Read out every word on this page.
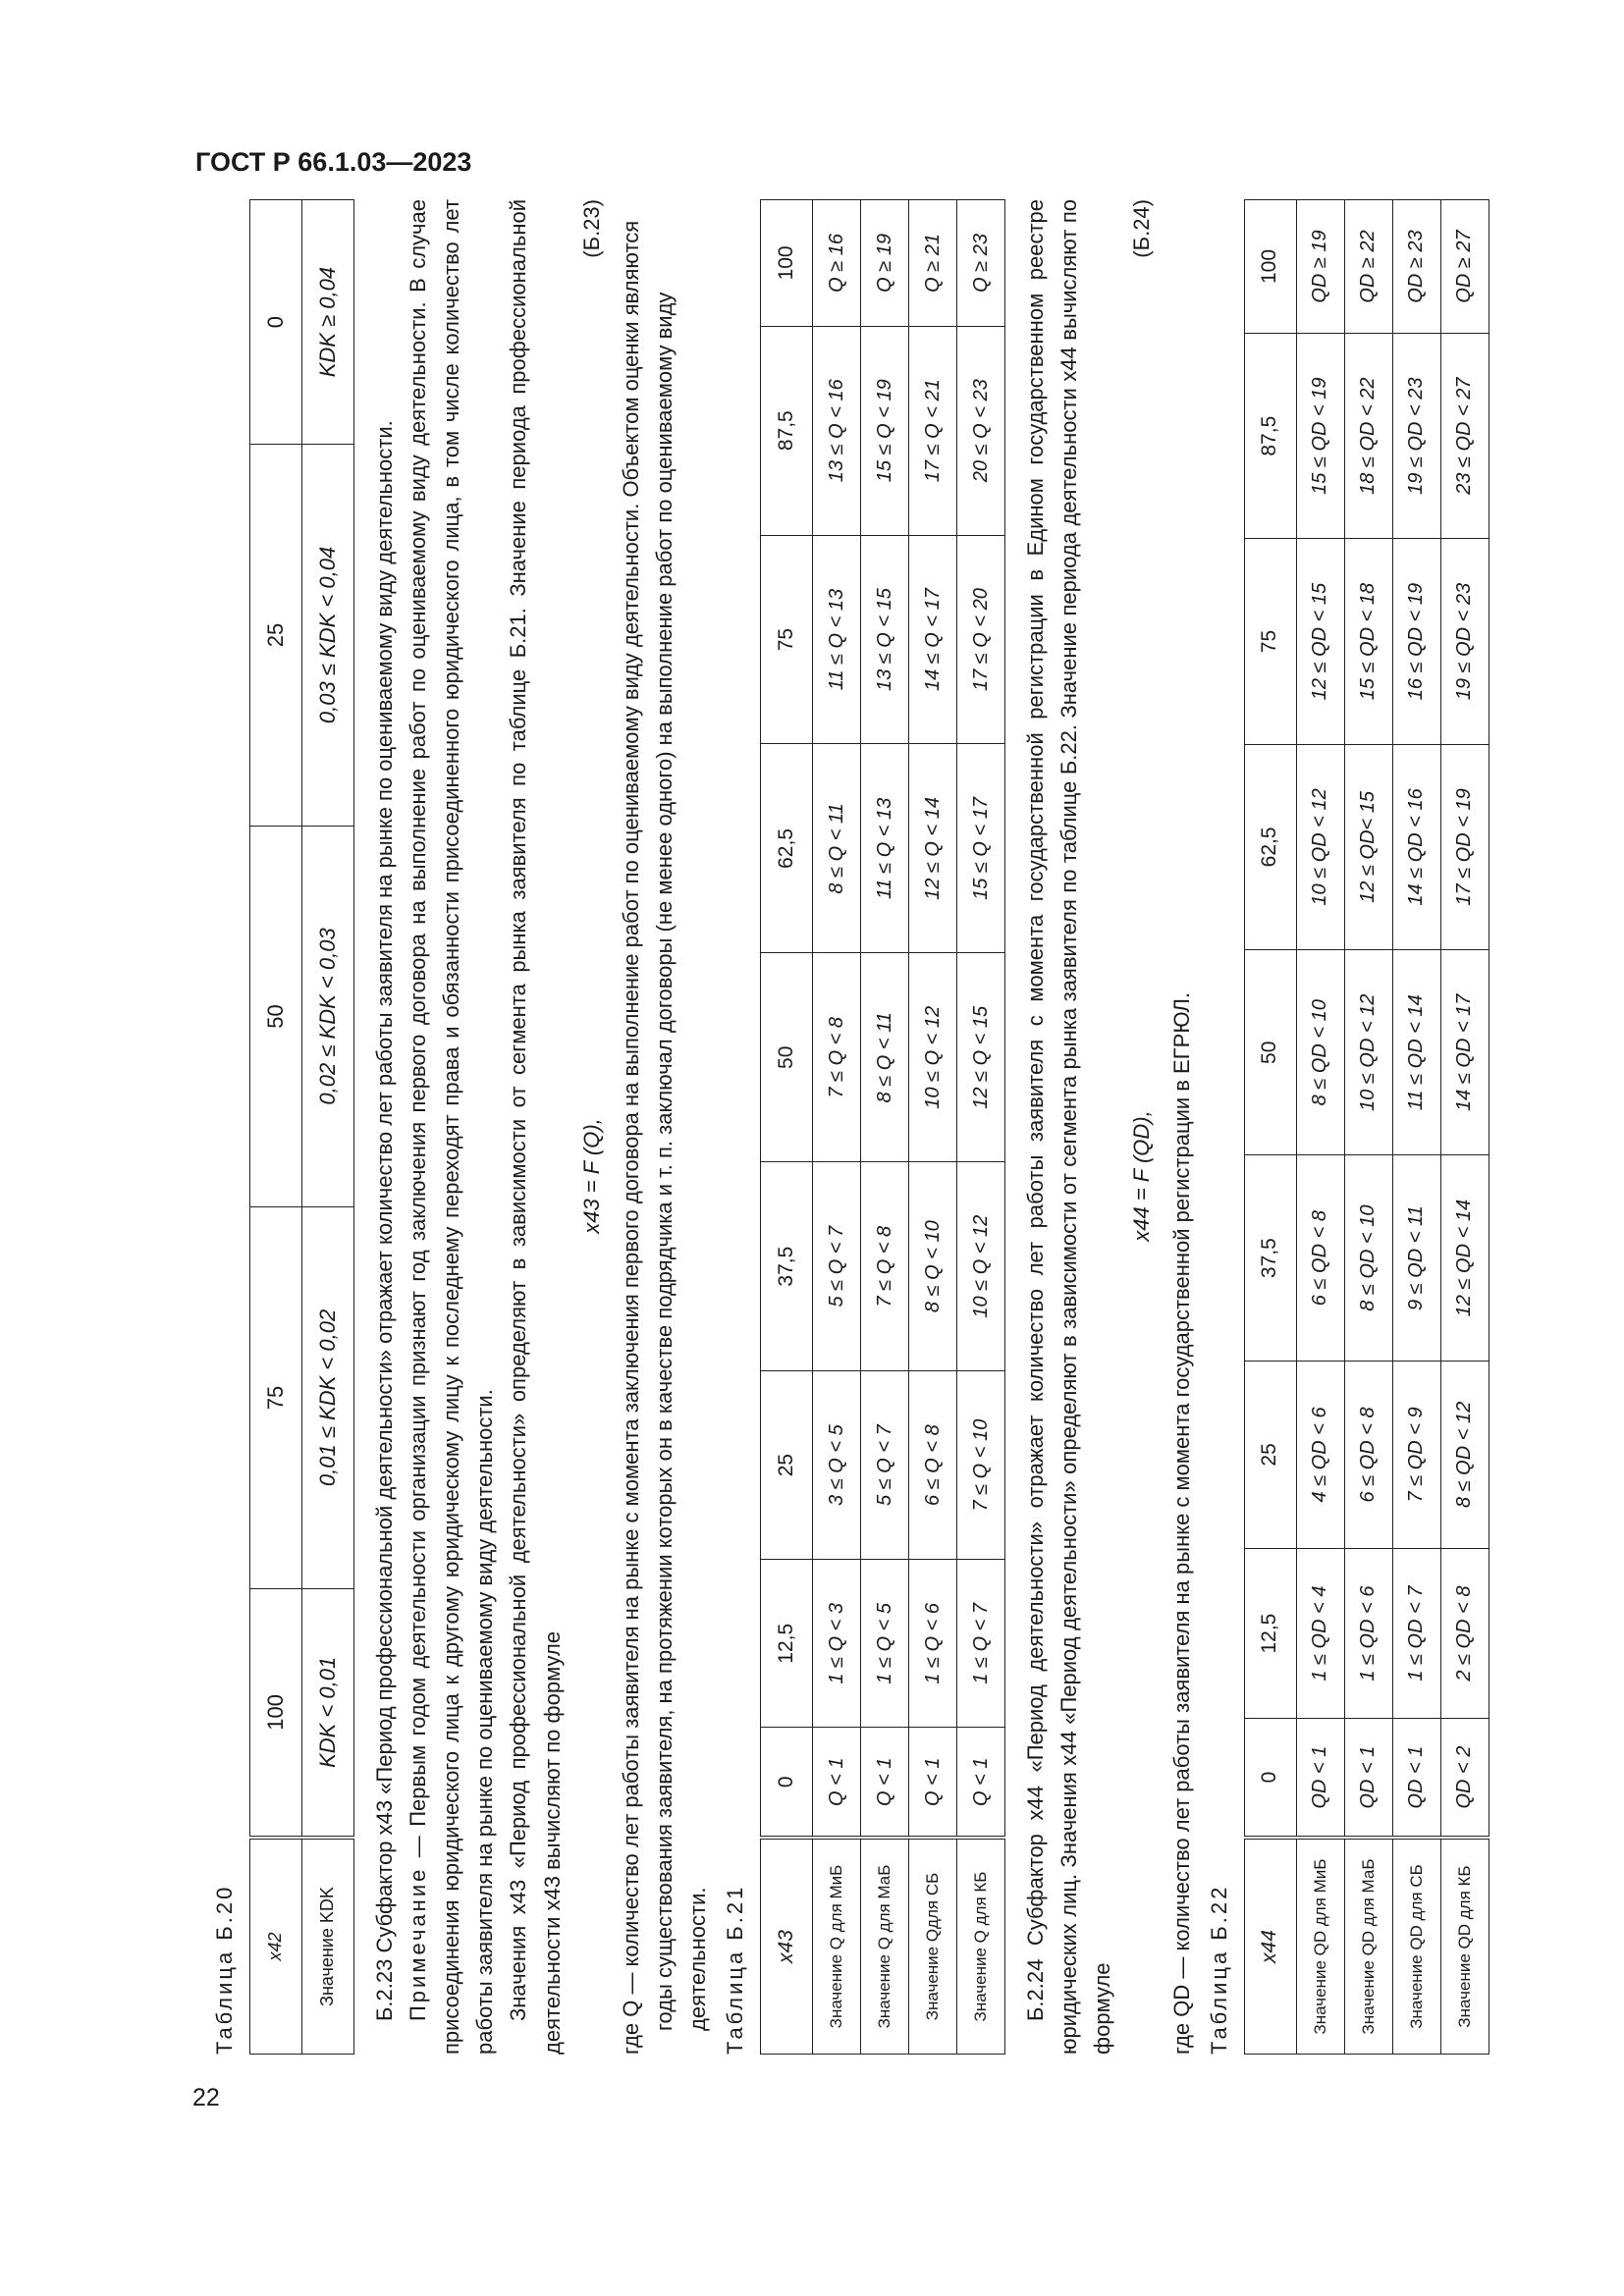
ГОСТ Р 66.1.03—2023

Таблица Б.20 x42	100	75	50	25	0
Значение KDK	KDK < 0,01	0,01 ≤ KDK < 0,02	0,02 ≤ KDK < 0,03	0,03 ≤ KDK < 0,04	KDK ≥ 0,04

Б.2.23 Субфактор x43 «Период профессиональной деятельности» отражает количество лет работы заявителя на рынке по оцениваемому виду деятельности. Примечание — Первым годом деятельности организации признают год заключения первого договора на выполнение работ по оцениваемому виду деятельности. В случае присоединения юридического лица к другому юридическому лицу к последнему переходят права и обязанности присоединенного юридического лица, в том числе количество лет работы заявителя на рынке по оцениваемому виду деятельности. Значения x43 «Период профессиональной деятельности» определяют в зависимости от сегмента рынка заявителя по таблице Б.21. Значение периода профессиональной деятельности x43 вычисляют по формуле

x43 = F (Q),
(Б.23) где Q — количество лет работы заявителя на рынке с момента заключения первого договора на выполнение работ по оцениваемому виду деятельности. Объектом оценки являются годы существования заявителя, на протяжении которых он в качестве подрядчика и т. п. заключал договоры (не менее одного) на выполнение работ по оцениваемому виду деятельности. Таблица Б.21 x43	0	12,5	25	37,5	50	62,5	75	87,5	100
Значение Q для МиБ	Q < 1	1 ≤ Q < 3	3 ≤ Q < 5	5 ≤ Q < 7	7 ≤ Q < 8	8 ≤ Q < 11	11 ≤ Q < 13	13 ≤ Q < 16	Q ≥ 16
Значение Q для МаБ	Q < 1	1 ≤ Q < 5	5 ≤ Q < 7	7 ≤ Q < 8	8 ≤ Q < 11	11 ≤ Q < 13	13 ≤ Q < 15	15 ≤ Q < 19	Q ≥ 19
Значение Qдля СБ	Q < 1	1 ≤ Q < 6	6 ≤ Q < 8	8 ≤ Q < 10	10 ≤ Q < 12	12 ≤ Q < 14	14 ≤ Q < 17	17 ≤ Q < 21	Q ≥ 21
Значение Q для КБ	Q < 1	1 ≤ Q < 7	7 ≤ Q < 10	10 ≤ Q < 12	12 ≤ Q < 15	15 ≤ Q < 17	17 ≤ Q < 20	20 ≤ Q < 23	Q ≥ 23 Б.2.24 Субфактор x44 «Период деятельности» отражает количество лет работы заявителя с момента государственной регистрации в Едином государственном реестре юридических лиц. Значения x44 «Период деятельности» определяют в зависимости от сегмента рынка заявителя по таблице Б.22. Значение периода деятельности x44 вычисляют по формуле

x44 = F (QD),
(Б.24)

где QD — количество лет работы заявителя на рынке с момента государственной регистрации в ЕГРЮЛ. Таблица Б.22 x44	0	12,5	25	37,5	50	62,5	75	87,5	100
Значение QD для МиБ	QD < 1	1 ≤ QD < 4	4 ≤ QD < 6	6 ≤ QD < 8	8 ≤ QD < 10	10 ≤ QD < 12	12 ≤ QD < 15	15 ≤ QD < 19	QD ≥ 19
Значение QD для МаБ	QD < 1	1 ≤ QD < 6	6 ≤ QD < 8	8 ≤ QD < 10	10 ≤ QD < 12	12 ≤ QD< 15	15 ≤ QD < 18	18 ≤ QD < 22	QD ≥ 22
Значение QD для СБ	QD < 1	1 ≤ QD < 7	7 ≤ QD < 9	9 ≤ QD < 11	11 ≤ QD < 14	14 ≤ QD < 16	16 ≤ QD < 19	19 ≤ QD < 23	QD ≥ 23
Значение QD для КБ	QD < 2	2 ≤ QD < 8	8 ≤ QD < 12	12 ≤ QD < 14	14 ≤ QD < 17	17 ≤ QD < 19	19 ≤ QD < 23	23 ≤ QD < 27	QD ≥ 27
22
